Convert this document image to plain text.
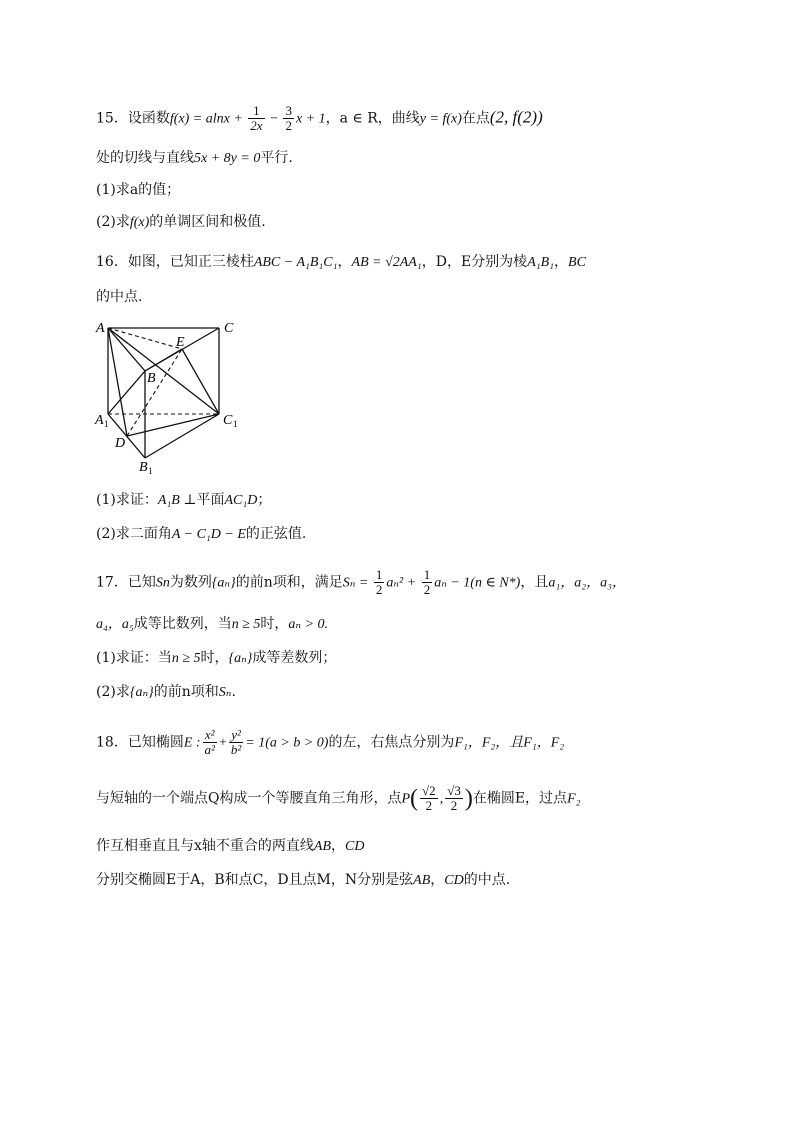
15．设函数$f(x) = alnx + \frac{1}{2x} - \frac{3}{2}$ x + 1，a ∈ R，曲线y = f(x)在点(2, f(2))
处的切线与直线5x + 8y = 0平行.
(1)求a的值；
(2)求f(x)的单调区间和极值.
16．如图，已知正三棱柱ABC − A₁B₁C₁，AB = √2AA₁，D，E分别为棱A₁B₁，BC
的中点.
A	C
E
B
A 1	C 1
D
B 1
(1)求证：A₁B ⊥平面AC₁D；
(2)求二面角A − C₁D − E的正弦值.
17．已知Sn为数列{aₙ}的前n项和，满足$S_n = \frac{1}{2} a_n^2 + \frac{1}{2}$ aₙ − 1(n ∈ N*)，且a₁，a₂，a₃，
a₄，a₅成等比数列，当n ≥ 5时，aₙ > 0.
(1)求证：当n ≥ 5时，{aₙ}成等差数列；
(2)求{aₙ}的前n项和Sₙ.
18．已知椭圆E : $\frac{\text{x²}}{\text{a²}} + \frac{\text{y²}}{\text{b²}} = 1(a > b > 0)$的左，右焦点分别为F₁，F₂，且F₁，F₂
与短轴的一个端点Q构成一个等腰直角三角形，点$P( \frac{√2}{2}$ , $\frac{√3}{2}$ )在椭圆E，过点F₂
作互相垂直且与x轴不重合的两直线AB，CD
分别交椭圆E于A，B和点C，D且点M，N分别是弦AB，CD的中点.
